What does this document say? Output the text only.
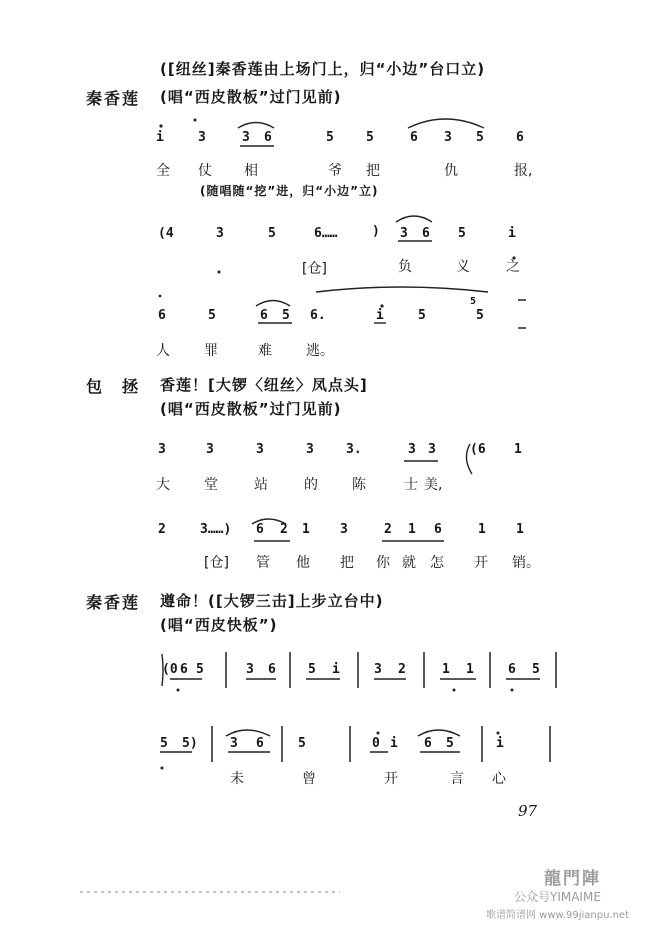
([纽丝]秦香莲由上场门上，归“小边”台口立)
秦香莲 (唱“西皮散板”过门见前)
i	3	3 6	5 5	6 3 5 6
全 仗 相	爷 把	仇	报,
(随唱随“挖”进，归“小边”立)
(4	3	5	6……	) 3 6 5	i
[仓]	负	义	之
6	5	6 5 6.	i	5
5
5
人 罪	难 逃。
包　拯 香莲！[大锣〈纽丝〉凤点头]
(唱“西皮散板”过门见前)
3	3	3	3 3.	3 3	(6 1
大 堂	站	的 陈	士 美,
2	3……) 6 2 1 3	2 1 6	1 1
[仓] 管 他 把 你 就 怎 开 销。
秦香莲 遵命！([大锣三击]上步立台中)
(唱“西皮快板”)
(0 6 5	3 6 5 i	3 2	1 1	6 5
5 5) 3 6	5	0 i 6 5	i
未	曾	开	言 心
97
龍門陣
公众号YIMAIME
歌谱简谱网 www.99jianpu.net
